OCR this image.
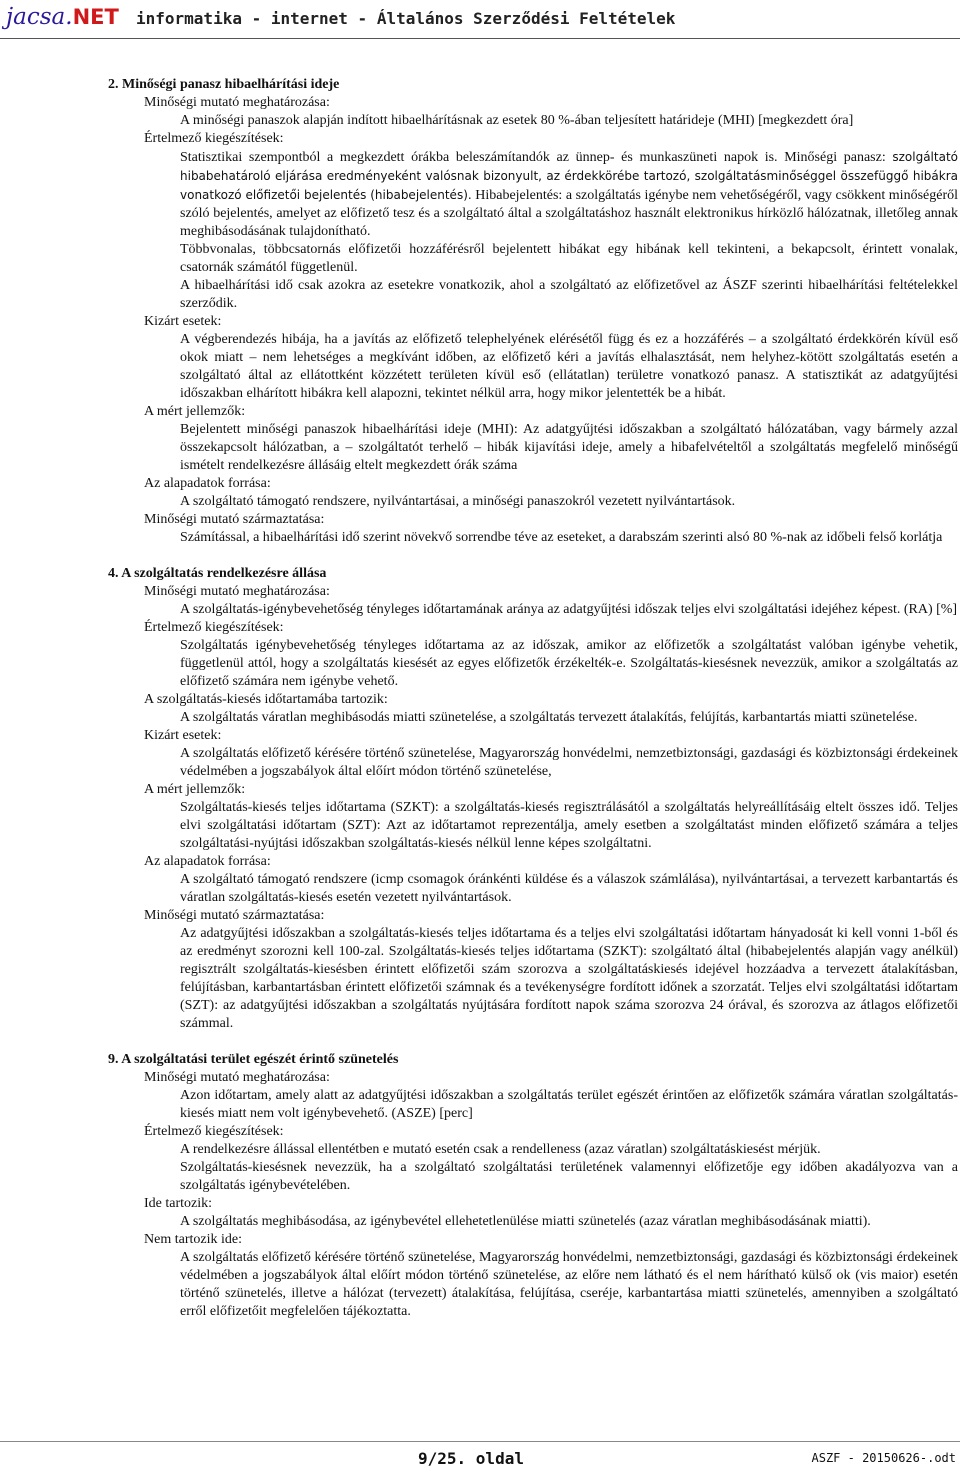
jacsa.NET informatika - internet - Általános Szerződési Feltételek

2. Minőségi panasz hibaelhárítási ideje

Minőségi mutató meghatározása:

A minőségi panaszok alapján indított hibaelhárításnak az esetek 80 %-ában teljesített határideje (MHI) [megkezdett óra]

Értelmező kiegészítések:

Statisztikai szempontból a megkezdett órákba beleszámítandók az ünnep- és munkaszüneti napok is. Minőségi panasz: szolgáltató hibabehatároló eljárása eredményeként valósnak bizonyult, az érdekkörébe tartozó, szolgáltatásminőséggel összefüggő hibákra vonatkozó előfizetői bejelentés (hibabejelentés). Hibabejelentés: a szolgáltatás igénybe nem vehetőségéről, vagy csökkent minőségéről szóló bejelentés, amelyet az előfizető tesz és a szolgáltató által a szolgáltatáshoz használt elektronikus hírközlő hálózatnak, illetőleg annak meghibásodásának tulajdonítható.

Többvonalas, többcsatornás előfizetői hozzáférésről bejelentett hibákat egy hibának kell tekinteni, a bekapcsolt, érintett vonalak, csatornák számától függetlenül.

A hibaelhárítási idő csak azokra az esetekre vonatkozik, ahol a szolgáltató az előfizetővel az ÁSZF szerinti hibaelhárítási feltételekkel szerződik.

Kizárt esetek:

A végberendezés hibája, ha a javítás az előfizető telephelyének elérésétől függ és ez a hozzáférés – a szolgáltató érdekkörén kívül eső okok miatt – nem lehetséges a megkívánt időben, az előfizető kéri a javítás elhalasztását, nem helyhez-kötött szolgáltatás esetén a szolgáltató által az ellátottként közzétett területen kívül eső (ellátatlan) területre vonatkozó panasz. A statisztikát az adatgyűjtési időszakban elhárított hibákra kell alapozni, tekintet nélkül arra, hogy mikor jelentették be a hibát.

A mért jellemzők:

Bejelentett minőségi panaszok hibaelhárítási ideje (MHI): Az adatgyűjtési időszakban a szolgáltató hálózatában, vagy bármely azzal összekapcsolt hálózatban, a – szolgáltatót terhelő – hibák kijavítási ideje, amely a hibafelvételtől a szolgáltatás megfelelő minőségű ismételt rendelkezésre állásáig eltelt megkezdett órák száma

Az alapadatok forrása:

A szolgáltató támogató rendszere, nyilvántartásai, a minőségi panaszokról vezetett nyilvántartások.

Minőségi mutató származtatása:

Számítással, a hibaelhárítási idő szerint növekvő sorrendbe téve az eseteket, a darabszám szerinti alsó 80 %-nak az időbeli felső korlátja

4. A szolgáltatás rendelkezésre állása

Minőségi mutató meghatározása:

A szolgáltatás-igénybevehetőség tényleges időtartamának aránya az adatgyűjtési időszak teljes elvi szolgáltatási idejéhez képest. (RA) [%]

Értelmező kiegészítések:

Szolgáltatás igénybevehetőség tényleges időtartama az az időszak, amikor az előfizetők a szolgáltatást valóban igénybe vehetik, függetlenül attól, hogy a szolgáltatás kiesését az egyes előfizetők érzékelték-e. Szolgáltatás-kiesésnek nevezzük, amikor a szolgáltatás az előfizető számára nem igénybe vehető.

A szolgáltatás-kiesés időtartamába tartozik:

A szolgáltatás váratlan meghibásodás miatti szünetelése, a szolgáltatás tervezett átalakítás, felújítás, karbantartás miatti szünetelése.

Kizárt esetek:

A szolgáltatás előfizető kérésére történő szünetelése, Magyarország honvédelmi, nemzetbiztonsági, gazdasági és közbiztonsági érdekeinek védelmében a jogszabályok által előírt módon történő szünetelése,

A mért jellemzők:

Szolgáltatás-kiesés teljes időtartama (SZKT): a szolgáltatás-kiesés regisztrálásától a szolgáltatás helyreállításáig eltelt összes idő. Teljes elvi szolgáltatási időtartam (SZT): Azt az időtartamot reprezentálja, amely esetben a szolgáltatást minden előfizető számára a teljes szolgáltatási-nyújtási időszakban szolgáltatás-kiesés nélkül lenne képes szolgáltatni.

Az alapadatok forrása:

A szolgáltató támogató rendszere (icmp csomagok óránkénti küldése és a válaszok számlálása), nyilvántartásai, a tervezett karbantartás és váratlan szolgáltatás-kiesés esetén vezetett nyilvántartások.

Minőségi mutató származtatása:

Az adatgyűjtési időszakban a szolgáltatás-kiesés teljes időtartama és a teljes elvi szolgáltatási időtartam hányadosát ki kell vonni 1-ből és az eredményt szorozni kell 100-zal. Szolgáltatás-kiesés teljes időtartama (SZKT): szolgáltató által (hibabejelentés alapján vagy anélkül) regisztrált szolgáltatás-kiesésben érintett előfizetői szám szorozva a szolgáltatáskiesés idejével hozzáadva a tervezett átalakításban, felújításban, karbantartásban érintett előfizetői számnak és a tevékenységre fordított időnek a szorzatát. Teljes elvi szolgáltatási időtartam (SZT): az adatgyűjtési időszakban a szolgáltatás nyújtására fordított napok száma szorozva 24 órával, és szorozva az átlagos előfizetői számmal.

9. A szolgáltatási terület egészét érintő szünetelés

Minőségi mutató meghatározása:

Azon időtartam, amely alatt az adatgyűjtési időszakban a szolgáltatás terület egészét érintően az előfizetők számára váratlan szolgáltatás-kiesés miatt nem volt igénybevehető. (ASZE) [perc]

Értelmező kiegészítések:

A rendelkezésre állással ellentétben e mutató esetén csak a rendelleness (azaz váratlan) szolgáltatáskiesést mérjük.

Szolgáltatás-kiesésnek nevezzük, ha a szolgáltató szolgáltatási területének valamennyi előfizetője egy időben akadályozva van a szolgáltatás igénybevételében.

Ide tartozik:

A szolgáltatás meghibásodása, az igénybevétel ellehetetlenülése miatti szünetelés (azaz váratlan meghibásodásának miatti).

Nem tartozik ide:

A szolgáltatás előfizető kérésére történő szünetelése, Magyarország honvédelmi, nemzetbiztonsági, gazdasági és közbiztonsági érdekeinek védelmében a jogszabályok által előírt módon történő szünetelése, az előre nem látható és el nem hárítható külső ok (vis maior) esetén történő szünetelés, illetve a hálózat (tervezett) átalakítása, felújítása, cseréje, karbantartása miatti szünetelés, amennyiben a szolgáltató erről előfizetőit megfelelően tájékoztatta.

9/25. oldal	ASZF - 20150626-.odt
